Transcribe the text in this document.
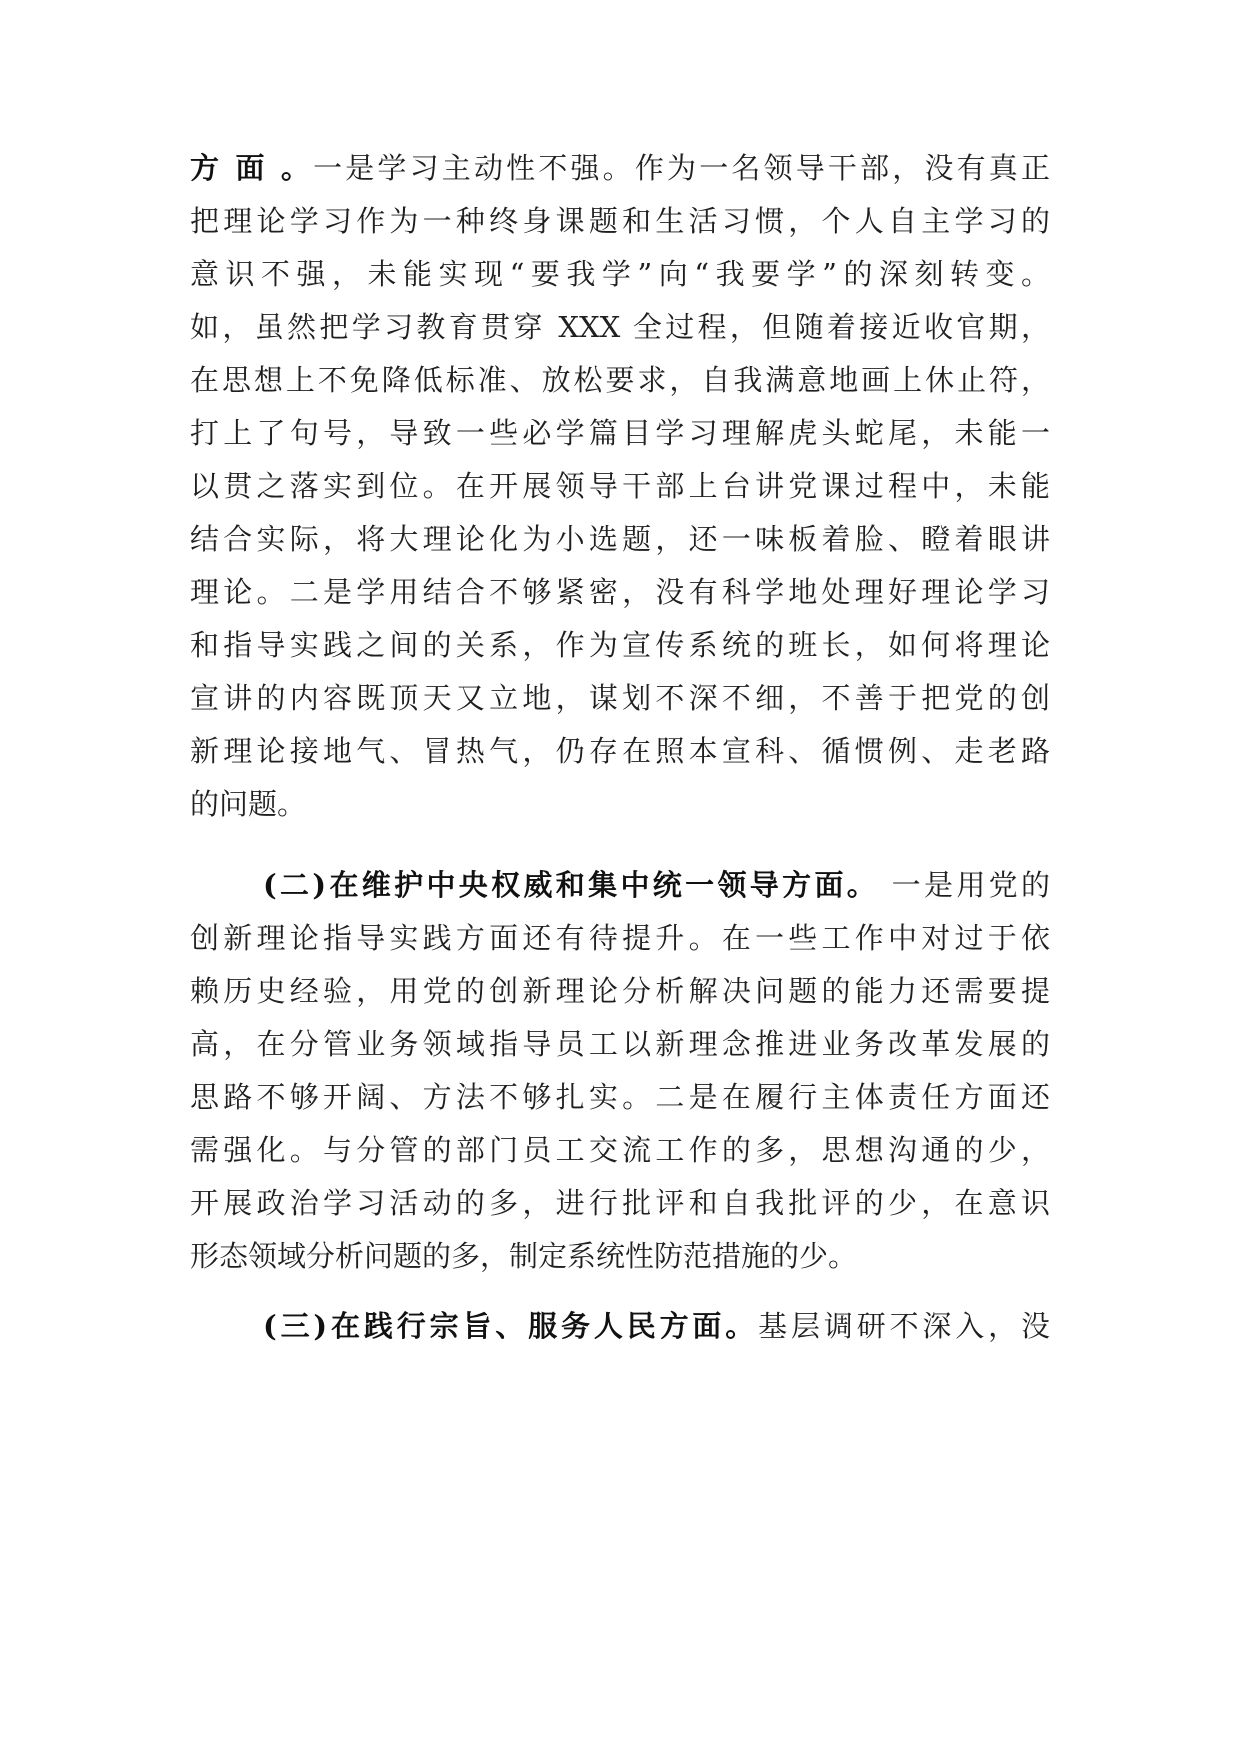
方 面 。一是学习主动性不强。作为一名领导干部，没有真正
把理论学习作为一种终身课题和生活习惯，个人自主学习的
意识不强，未能实现“要我学”向“我要学”的深刻转变。
如，虽然把学习教育贯穿 XXX 全过程，但随着接近收官期，
在思想上不免降低标准、放松要求，自我满意地画上休止符，
打上了句号，导致一些必学篇目学习理解虎头蛇尾，未能一
以贯之落实到位。在开展领导干部上台讲党课过程中，未能
结合实际，将大理论化为小选题，还一味板着脸、瞪着眼讲
理论。二是学用结合不够紧密，没有科学地处理好理论学习
和指导实践之间的关系，作为宣传系统的班长，如何将理论
宣讲的内容既顶天又立地，谋划不深不细，不善于把党的创
新理论接地气、冒热气，仍存在照本宣科、循惯例、走老路
的问题。
(二)在维护中央权威和集中统一领导方面。 一是用党的
创新理论指导实践方面还有待提升。在一些工作中对过于依
赖历史经验，用党的创新理论分析解决问题的能力还需要提
高，在分管业务领域指导员工以新理念推进业务改革发展的
思路不够开阔、方法不够扎实。二是在履行主体责任方面还
需强化。与分管的部门员工交流工作的多，思想沟通的少，
开展政治学习活动的多，进行批评和自我批评的少，在意识
形态领域分析问题的多，制定系统性防范措施的少。
(三)在践行宗旨、服务人民方面。基层调研不深入，没
